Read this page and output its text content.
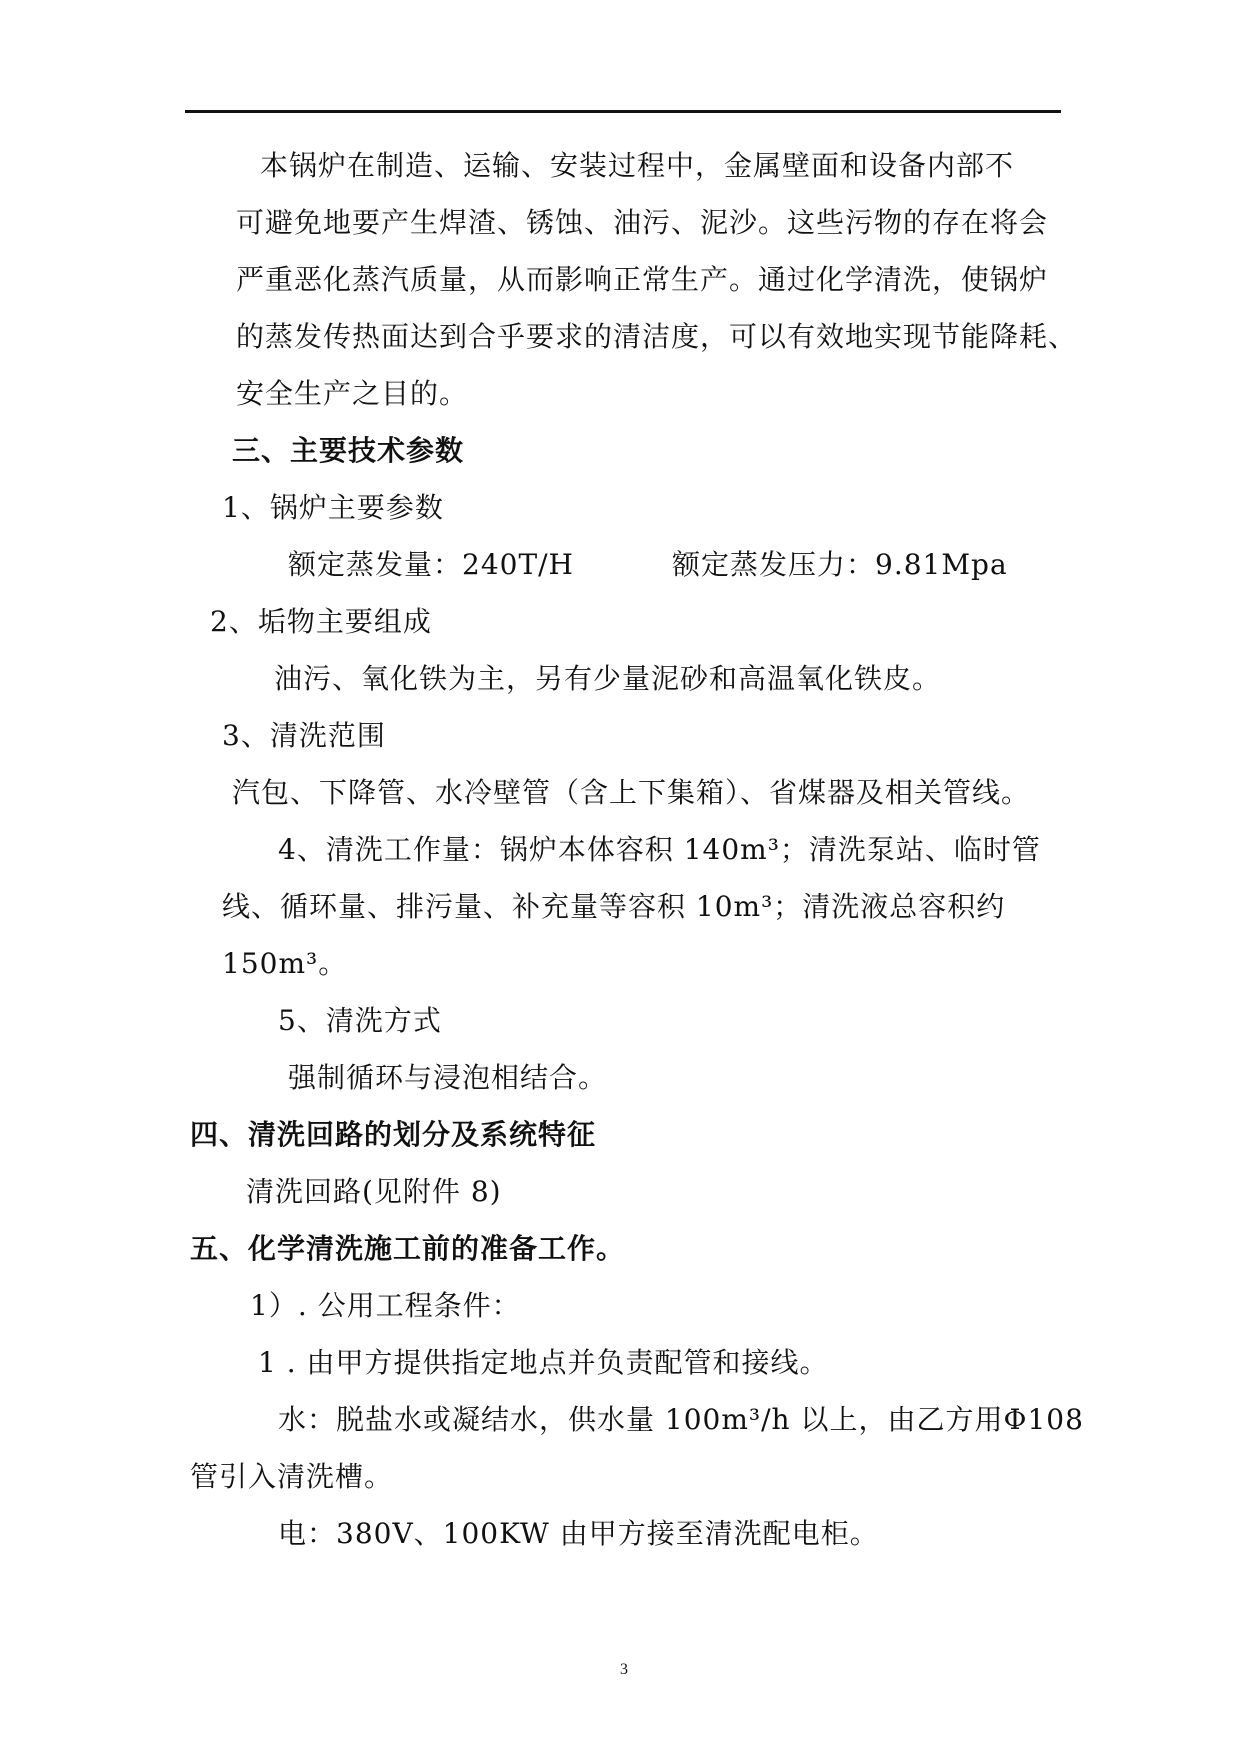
本锅炉在制造、运输、安装过程中，金属壁面和设备内部不
可避免地要产生焊渣、锈蚀、油污、泥沙。这些污物的存在将会
严重恶化蒸汽质量，从而影响正常生产。通过化学清洗，使锅炉
的蒸发传热面达到合乎要求的清洁度，可以有效地实现节能降耗、
安全生产之目的。
三、主要技术参数
1、锅炉主要参数
额定蒸发量：240T/H	额定蒸发压力：9.81Mpa
2、垢物主要组成
油污、氧化铁为主，另有少量泥砂和高温氧化铁皮。
3、清洗范围
汽包、下降管、水冷壁管（含上下集箱）、省煤器及相关管线。
4、清洗工作量：锅炉本体容积 140m³；清洗泵站、临时管
线、循环量、排污量、补充量等容积 10m³；清洗液总容积约
150m³。
5、清洗方式
强制循环与浸泡相结合。
四、清洗回路的划分及系统特征
清洗回路(见附件 8)
五、化学清洗施工前的准备工作。
1）. 公用工程条件：
1 . 由甲方提供指定地点并负责配管和接线。
水：脱盐水或凝结水，供水量 100m³/h 以上，由乙方用Φ108
管引入清洗槽。
电：380V、100KW 由甲方接至清洗配电柜。
3
